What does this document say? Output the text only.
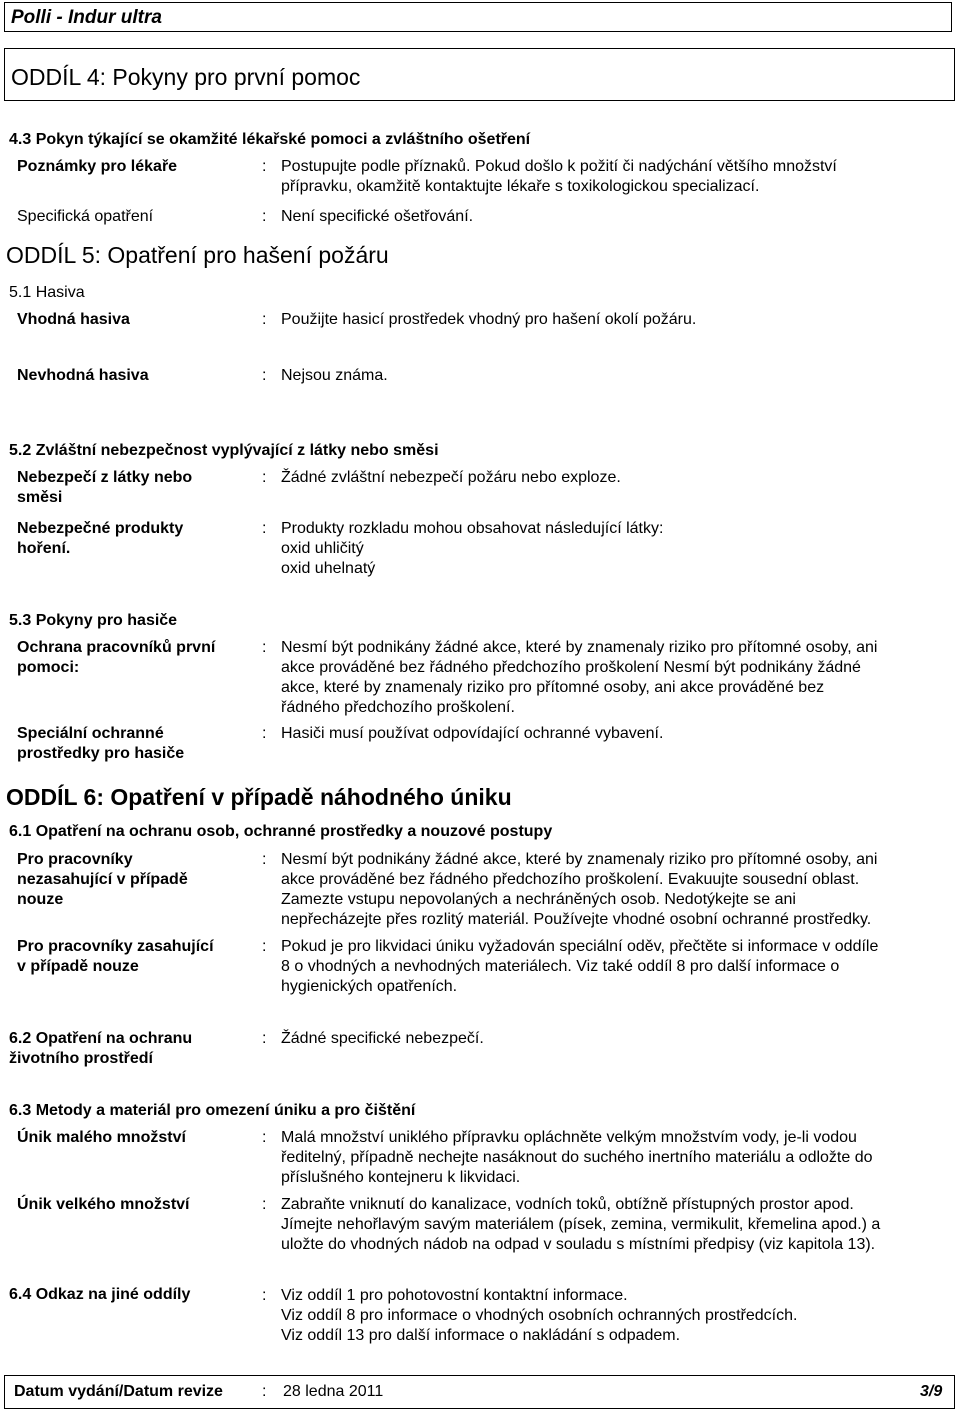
Polli - Indur ultra
ODDÍL 4: Pokyny pro první pomoc
4.3 Pokyn týkající se okamžité lékařské pomoci a zvláštního ošetření
Poznámky pro lékaře	: Postupujte podle příznaků. Pokud došlo k požití či nadýchání většího množství
přípravku, okamžitě kontaktujte lékaře s toxikologickou specializací.
Specifická opatření	: Není specifické ošetřování.
ODDÍL 5: Opatření pro hašení požáru
5.1 Hasiva
Vhodná hasiva	: Použijte hasicí prostředek vhodný pro hašení okolí požáru.
Nevhodná hasiva	: Nejsou známa.
5.2 Zvláštní nebezpečnost vyplývající z látky nebo směsi
Nebezpečí z látky nebo
směsi
: Žádné zvláštní nebezpečí požáru nebo exploze.
Nebezpečné produkty
hoření.
: Produkty rozkladu mohou obsahovat následující látky:
oxid uhličitý
oxid uhelnatý
5.3 Pokyny pro hasiče
Ochrana pracovníků první
pomoci:
: Nesmí být podnikány žádné akce, které by znamenaly riziko pro přítomné osoby, ani
akce prováděné bez řádného předchozího proškolení Nesmí být podnikány žádné
akce, které by znamenaly riziko pro přítomné osoby, ani akce prováděné bez
řádného předchozího proškolení.
Speciální ochranné
prostředky pro hasiče
: Hasiči musí používat odpovídající ochranné vybavení.
ODDÍL 6: Opatření v případě náhodného úniku
6.1 Opatření na ochranu osob, ochranné prostředky a nouzové postupy
Pro pracovníky
nezasahující v případě
nouze
: Nesmí být podnikány žádné akce, které by znamenaly riziko pro přítomné osoby, ani
akce prováděné bez řádného předchozího proškolení. Evakuujte sousední oblast.
Zamezte vstupu nepovolaných a nechráněných osob. Nedotýkejte se ani
nepřecházejte přes rozlitý materiál. Používejte vhodné osobní ochranné prostředky.
Pro pracovníky zasahující
v případě nouze
: Pokud je pro likvidaci úniku vyžadován speciální oděv, přečtěte si informace v oddíle
8 o vhodných a nevhodných materiálech. Viz také oddíl 8 pro další informace o
hygienických opatřeních.
6.2 Opatření na ochranu
životního prostředí
: Žádné specifické nebezpečí.
6.3 Metody a materiál pro omezení úniku a pro čištění
Únik malého množství	: Malá množství uniklého přípravku opláchněte velkým množstvím vody, je-li vodou
ředitelný, případně nechejte nasáknout do suchého inertního materiálu a odložte do
příslušného kontejneru k likvidaci.
Únik velkého množství	: Zabraňte vniknutí do kanalizace, vodních toků, obtížně přístupných prostor apod.
Jímejte nehořlavým savým materiálem (písek, zemina, vermikulit, křemelina apod.) a
uložte do vhodných nádob na odpad v souladu s místními předpisy (viz kapitola 13).
6.4 Odkaz na jiné oddíly	: Viz oddíl 1 pro pohotovostní kontaktní informace.
Viz oddíl 8 pro informace o vhodných osobních ochranných prostředcích.
Viz oddíl 13 pro další informace o nakládání s odpadem.
Datum vydání/Datum revize : 28 ledna 2011	3/9
